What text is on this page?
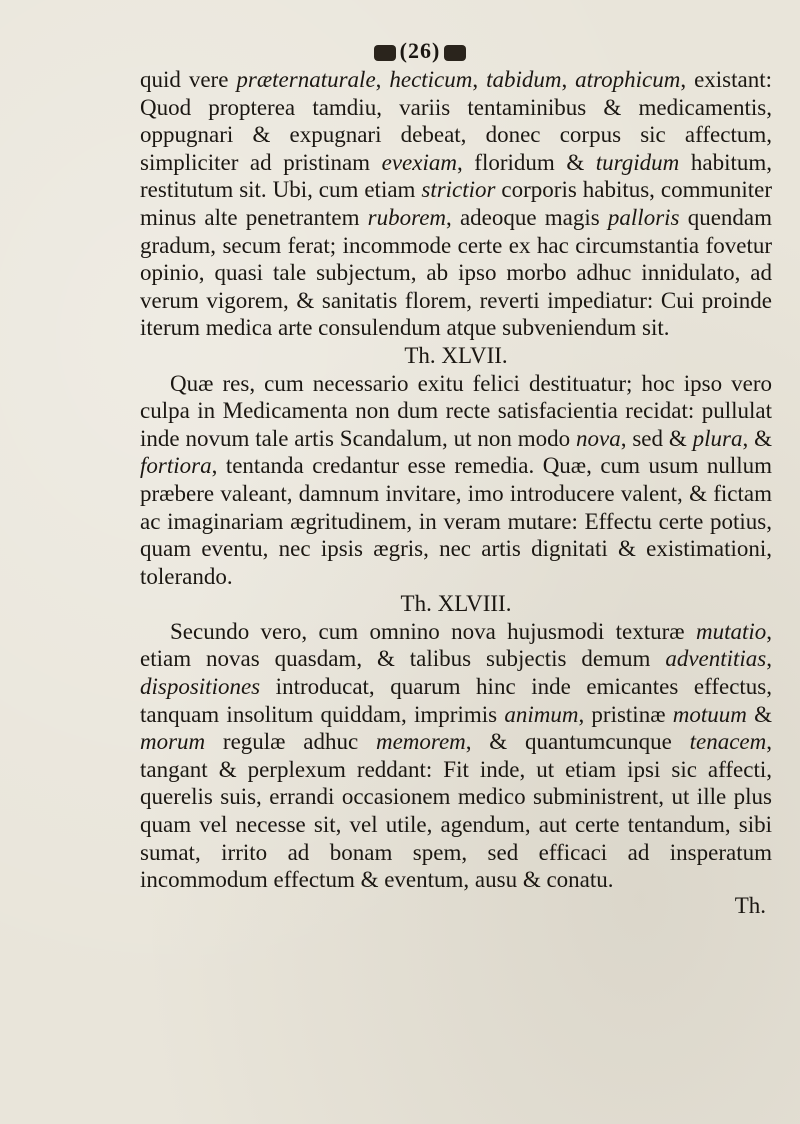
(26)

quid vere præternaturale, hecticum, tabidum, atrophicum, existant: Quod propterea tamdiu, variis tentaminibus & medicamentis, oppugnari & expugnari debeat, donec corpus sic affectum, simpliciter ad pristinam evexiam, floridum & turgidum habitum, restitutum sit. Ubi, cum etiam strictior corporis habitus, communiter minus alte penetrantem ruborem, adeoque magis palloris quendam gradum, secum ferat; incommode certe ex hac circumstantia fovetur opinio, quasi tale subjectum, ab ipso morbo adhuc innidulato, ad verum vigorem, & sanitatis florem, reverti impediatur: Cui proinde iterum medica arte consulendum atque subveniendum sit.

Th. XLVII.

Quæ res, cum necessario exitu felici destituatur; hoc ipso vero culpa in Medicamenta non dum recte satisfacientia recidat: pullulat inde novum tale artis Scandalum, ut non modo nova, sed & plura, & fortiora, tentanda credantur esse remedia. Quæ, cum usum nullum præbere valeant, damnum invitare, imo introducere valent, & fictam ac imaginariam ægritudinem, in veram mutare: Effectu certe potius, quam eventu, nec ipsis ægris, nec artis dignitati & existimationi, tolerando.

Th. XLVIII.

Secundo vero, cum omnino nova hujusmodi texturæ mutatio, etiam novas quasdam, & talibus subjectis demum adventitias, dispositiones introducat, quarum hinc inde emicantes effectus, tanquam insolitum quiddam, imprimis animum, pristinæ motuum & morum regulæ adhuc memorem, & quantumcunque tenacem, tangant & perplexum reddant: Fit inde, ut etiam ipsi sic affecti, querelis suis, errandi occasionem medico subministrent, ut ille plus quam vel necesse sit, vel utile, agendum, aut certe tentandum, sibi sumat, irrito ad bonam spem, sed efficaci ad insperatum incommodum effectum & eventum, ausu & conatu.

Th.
